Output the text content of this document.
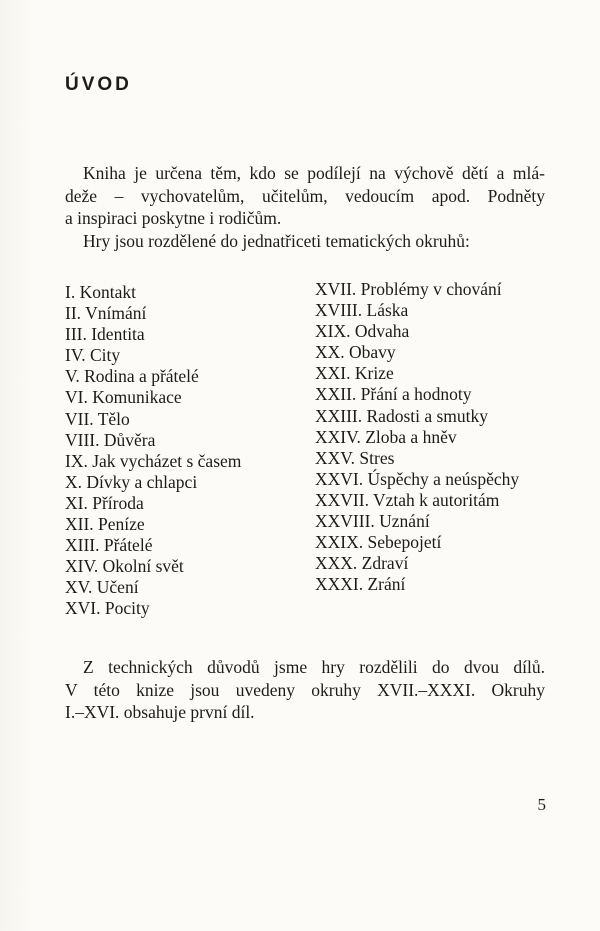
ÚVOD

Kniha je určena těm, kdo se podílejí na výchově dětí a mlá-
deže – vychovatelům, učitelům, vedoucím apod. Podněty
a inspiraci poskytne i rodičům.

Hry jsou rozdělené do jednatřiceti tematických okruhů:

I. Kontakt
II. Vnímání
III. Identita
IV. City
V. Rodina a přátelé
VI. Komunikace
VII. Tělo
VIII. Důvěra
IX. Jak vycházet s časem
X. Dívky a chlapci
XI. Příroda
XII. Peníze
XIII. Přátelé
XIV. Okolní svět
XV. Učení
XVI. Pocity
XVII. Problémy v chování
XVIII. Láska
XIX. Odvaha
XX. Obavy
XXI. Krize
XXII. Přání a hodnoty
XXIII. Radosti a smutky
XXIV. Zloba a hněv
XXV. Stres
XXVI. Úspěchy a neúspěchy
XXVII. Vztah k autoritám
XXVIII. Uznání
XXIX. Sebepojetí
XXX. Zdraví
XXXI. Zrání

Z technických důvodů jsme hry rozdělili do dvou dílů.
V této knize jsou uvedeny okruhy XVII.–XXXI. Okruhy
I.–XVI. obsahuje první díl.

5
